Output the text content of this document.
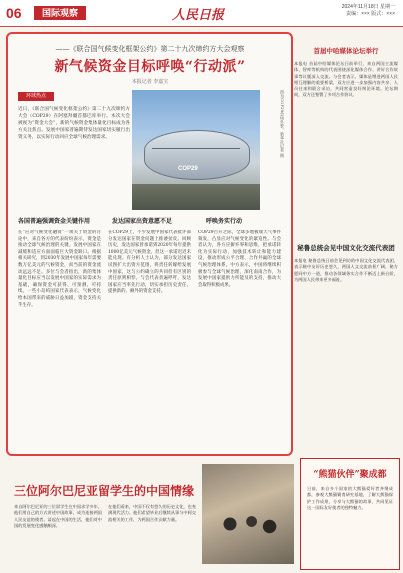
06	国际观察	人民日报
2024年11月18日 星期一
责编：××× 版式：×××
——《联合国气候变化框架公约》第二十九次缔约方大会观察
新气候资金目标呼唤“行动派”
本报记者 李嘉宝
环球热点
近日，《联合国气候变化框架公约》第二十九次缔约方大会（COP29）在阿塞拜疆首都巴库举行。本次大会被视为“资金大会”，新的气候资金集体量化目标成为各方关注焦点。发展中国家普遍期待发达国家切实履行出资义务，以实际行动回应全球气候治理需求。
COP29
图为COP29会场外景。新华社记者 摄
各国普遍强调资金关键作用	发达国家出资意愿不足	呼唤务实行动
在“应对气候变化融资”一项关于资金的讨论中，来自各方的代表纷纷表示，资金是推动全球气候治理的关键。发展中国家在减缓和适应方面面临巨大资金缺口。根据相关研究，到2030年发展中国家每年需要数万亿美元的气候资金，而当前的资金流动远远不足。多位与会者指出，新的集体量化目标应当以发展中国家的实际需求为基础，确保资金可获得、可预测、可持续。一些小岛屿国家代表表示，气候变化给本国带来的威胁日益加剧，资金支持关乎生存。
在COP29上，不少发展中国家代表批评部分发达国家在资金问题上推诿扯皮。回顾历史，发达国家曾承诺到2020年每年提供1000亿美元气候资金，但这一承诺迟迟未能兑现。有分析人士认为，部分发达国家试图扩大出资方范围，将责任转嫁给发展中国家，这与公约确立的共同但有区别的责任原则相悖。与会代表普遍呼吁，发达国家应当率先行动，切实承担历史责任，提供新的、额外的资金支持。
COP29召开之际，全球多地极端天气事件频发，凸显应对气候变化的紧迫性。与会者认为，各方应摒弃零和思维，把承诺转化为实际行动，加强技术转让和能力建设，推动形成公平合理、合作共赢的全球气候治理体系。中方表示，中国将继续积极参与全球气候治理，深化南南合作，为发展中国家提供力所能及的支持，推动大会取得积极成果。
首届中哈媒体论坛举行
本报电 首届中哈媒体论坛日前举行，来自两国主流媒体、智库等机构的代表围绕深化媒体合作、讲好合作故事等议题深入交流。与会者表示，媒体是增进两国人民相互理解的重要桥梁，双方应进一步加强内容共享、人员往来和联合采访，共同营造良好舆论环境。论坛期间，双方还签署了多项合作协议。
秘鲁总统会见中国文化交流代表团
本报电 秘鲁总统日前会见到访的中国文化交流代表团，表示秘中友好历史悠久，两国人文交流前景广阔，秘方愿同中方一道，推动各领域务实合作不断迈上新台阶，为两国人民带来更多福祉。
三位阿尔巴尼亚留学生的中国情缘
来自阿尔巴尼亚的三位留学生在中国求学多年，他们用自己的方式讲述中国故事，成为连接两国人民友谊的使者。谈起在中国的生活，他们对中国的发展变化感触颇深。
在他们看来，中国不仅有悠久的历史文化，也充满现代活力。他们希望毕业后继续从事与中阿交流相关的工作，为两国合作贡献力量。
“熊猫伙伴”聚成都
日前，来自多个国家的大熊猫爱好者齐聚成都，参观大熊猫繁育研究基地，了解大熊猫保护工作成果，分享与大熊猫的故事，共同见证这一国际友好使者的独特魅力。
